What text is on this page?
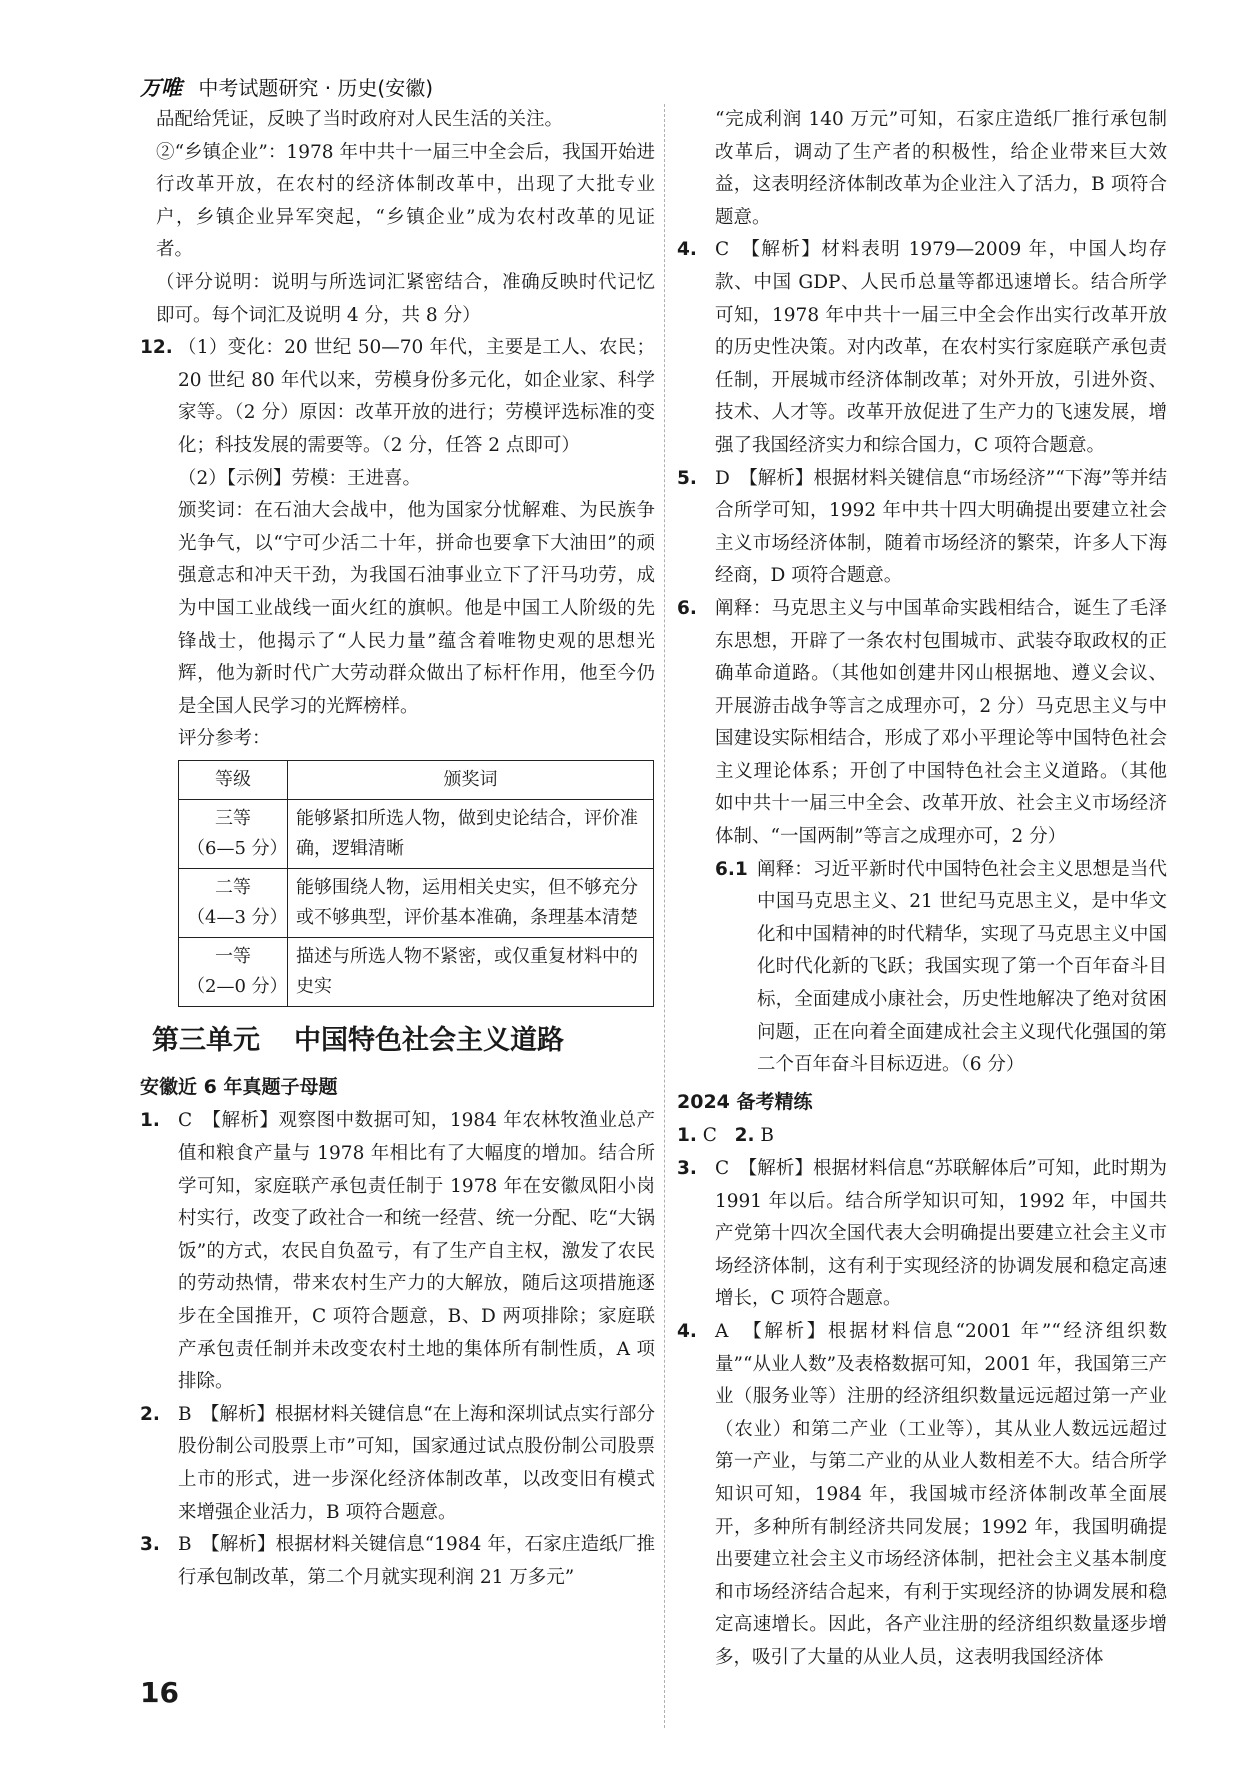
万唯 中考试题研究 · 历史(安徽)

品配给凭证，反映了当时政府对人民生活的关注。

②“乡镇企业”：1978 年中共十一届三中全会后，我国开始进行改革开放，在农村的经济体制改革中，出现了大批专业户，乡镇企业异军突起，“乡镇企业”成为农村改革的见证者。

（评分说明：说明与所选词汇紧密结合，准确反映时代记忆即可。每个词汇及说明 4 分，共 8 分）

12. （1）变化：20 世纪 50—70 年代，主要是工人、农民；20 世纪 80 年代以来，劳模身份多元化，如企业家、科学家等。（2 分）原因：改革开放的进行；劳模评选标准的变化；科技发展的需要等。（2 分，任答 2 点即可）

（2）【示例】劳模：王进喜。

颁奖词：在石油大会战中，他为国家分忧解难、为民族争光争气，以“宁可少活二十年，拼命也要拿下大油田”的顽强意志和冲天干劲，为我国石油事业立下了汗马功劳，成为中国工业战线一面火红的旗帜。他是中国工人阶级的先锋战士，他揭示了“人民力量”蕴含着唯物史观的思想光辉，他为新时代广大劳动群众做出了标杆作用，他至今仍是全国人民学习的光辉榜样。

评分参考：

等级	颁奖词
三等
（6—5 分）	能够紧扣所选人物，做到史论结合，评价准确，逻辑清晰
二等
（4—3 分）	能够围绕人物，运用相关史实，但不够充分或不够典型，评价基本准确，条理基本清楚
一等
（2—0 分）	描述与所选人物不紧密，或仅重复材料中的史实
第三单元 中国特色社会主义道路
安徽近 6 年真题子母题
1. C　【解析】观察图中数据可知，1984 年农林牧渔业总产值和粮食产量与 1978 年相比有了大幅度的增加。结合所学可知，家庭联产承包责任制于 1978 年在安徽凤阳小岗村实行，改变了政社合一和统一经营、统一分配、吃“大锅饭”的方式，农民自负盈亏，有了生产自主权，激发了农民的劳动热情，带来农村生产力的大解放，随后这项措施逐步在全国推开，C 项符合题意，B、D 两项排除；家庭联产承包责任制并未改变农村土地的集体所有制性质，A 项排除。

2. B　【解析】根据材料关键信息“在上海和深圳试点实行部分股份制公司股票上市”可知，国家通过试点股份制公司股票上市的形式，进一步深化经济体制改革，以改变旧有模式来增强企业活力，B 项符合题意。

3. B　【解析】根据材料关键信息“1984 年，石家庄造纸厂推行承包制改革，第二个月就实现利润 21 万多元”

“完成利润 140 万元”可知，石家庄造纸厂推行承包制改革后，调动了生产者的积极性，给企业带来巨大效益，这表明经济体制改革为企业注入了活力，B 项符合题意。

4. C　【解析】材料表明 1979—2009 年，中国人均存款、中国 GDP、人民币总量等都迅速增长。结合所学可知，1978 年中共十一届三中全会作出实行改革开放的历史性决策。对内改革，在农村实行家庭联产承包责任制，开展城市经济体制改革；对外开放，引进外资、技术、人才等。改革开放促进了生产力的飞速发展，增强了我国经济实力和综合国力，C 项符合题意。

5. D　【解析】根据材料关键信息“市场经济”“下海”等并结合所学可知，1992 年中共十四大明确提出要建立社会主义市场经济体制，随着市场经济的繁荣，许多人下海经商，D 项符合题意。

6. 阐释：马克思主义与中国革命实践相结合，诞生了毛泽东思想，开辟了一条农村包围城市、武装夺取政权的正确革命道路。（其他如创建井冈山根据地、遵义会议、开展游击战争等言之成理亦可，2 分）马克思主义与中国建设实际相结合，形成了邓小平理论等中国特色社会主义理论体系；开创了中国特色社会主义道路。（其他如中共十一届三中全会、改革开放、社会主义市场经济体制、“一国两制”等言之成理亦可，2 分）

6.1 阐释：习近平新时代中国特色社会主义思想是当代中国马克思主义、21 世纪马克思主义，是中华文化和中国精神的时代精华，实现了马克思主义中国化时代化新的飞跃；我国实现了第一个百年奋斗目标，全面建成小康社会，历史性地解决了绝对贫困问题，正在向着全面建成社会主义现代化强国的第二个百年奋斗目标迈进。（6 分）

2024 备考精练

1. C 2. B

3. C　【解析】根据材料信息“苏联解体后”可知，此时期为 1991 年以后。结合所学知识可知，1992 年，中国共产党第十四次全国代表大会明确提出要建立社会主义市场经济体制，这有利于实现经济的协调发展和稳定高速增长，C 项符合题意。

4. A　【解析】根据材料信息“2001 年”“经济组织数量”“从业人数”及表格数据可知，2001 年，我国第三产业（服务业等）注册的经济组织数量远远超过第一产业（农业）和第二产业（工业等），其从业人数远远超过第一产业，与第二产业的从业人数相差不大。结合所学知识可知，1984 年，我国城市经济体制改革全面展开，多种所有制经济共同发展；1992 年，我国明确提出要建立社会主义市场经济体制，把社会主义基本制度和市场经济结合起来，有利于实现经济的协调发展和稳定高速增长。因此，各产业注册的经济组织数量逐步增多，吸引了大量的从业人员，这表明我国经济体

16
